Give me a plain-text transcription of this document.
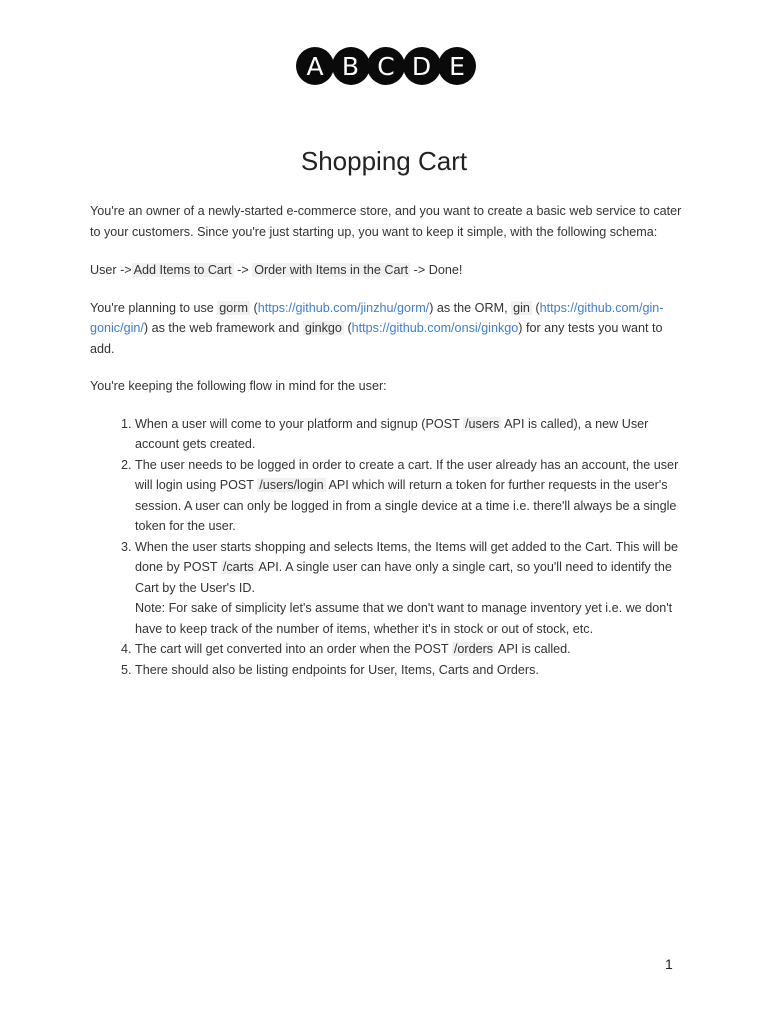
A B C D E
Shopping Cart

You're an owner of a newly-started e-commerce store, and you want to create a basic web service to cater to your customers. Since you're just starting up, you want to keep it simple, with the following schema:

User -> Add Items to Cart -> Order with Items in the Cart -> Done!

You're planning to use gorm (https://github.com/jinzhu/gorm/) as the ORM, gin (https://github.com/gin-gonic/gin/) as the web framework and ginkgo (https://github.com/onsi/ginkgo) for any tests you want to add.

You're keeping the following flow in mind for the user:

1. When a user will come to your platform and signup (POST /users API is called), a new User account gets created.
2. The user needs to be logged in order to create a cart. If the user already has an account, the user will login using POST /users/login API which will return a token for further requests in the user's session. A user can only be logged in from a single device at a time i.e. there'll always be a single token for the user.
3. When the user starts shopping and selects Items, the Items will get added to the Cart. This will be done by POST /carts API. A single user can have only a single cart, so you'll need to identify the Cart by the User's ID.
Note: For sake of simplicity let's assume that we don't want to manage inventory yet i.e. we don't have to keep track of the number of items, whether it's in stock or out of stock, etc.
4. The cart will get converted into an order when the POST /orders API is called.
5. There should also be listing endpoints for User, Items, Carts and Orders.
1
